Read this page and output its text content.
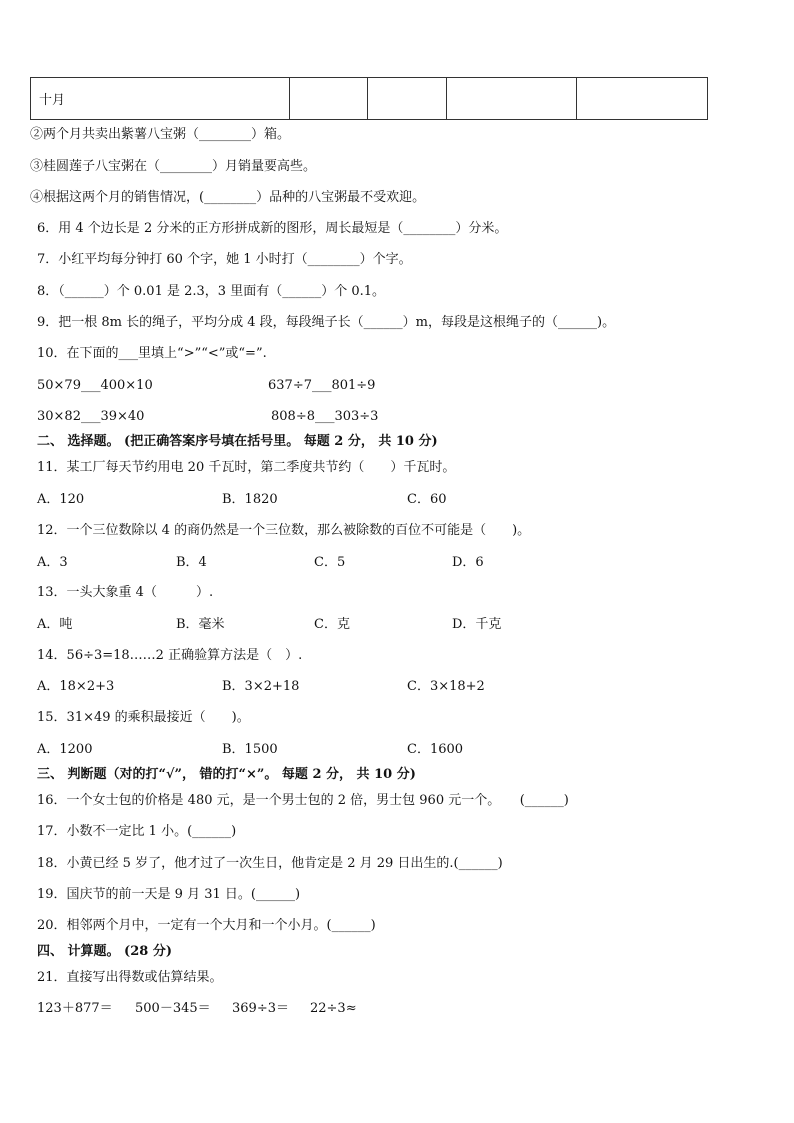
十月				
②两个月共卖出紫薯八宝粥（________）箱。
③桂圆莲子八宝粥在（________）月销量要高些。
④根据这两个月的销售情况，(________）品种的八宝粥最不受欢迎。
6．用 4 个边长是 2 分米的正方形拼成新的图形，周长最短是（________）分米。
7．小红平均每分钟打 60 个字，她 1 小时打（________）个字。
8．（______）个 0.01 是 2.3，3 里面有（______）个 0.1。
9．把一根 8m 长的绳子，平均分成 4 段，每段绳子长（______）m，每段是这根绳子的（______)。
10．在下面的___里填上“>”“<”或“=”.
50×79___400×10	637÷7___801÷9
30×82___39×40	808÷8___303÷3
二、 选择题。 (把正确答案序号填在括号里。 每题 2 分， 共 10 分)
11．某工厂每天节约用电 20 千瓦时，第二季度共节约（　　）千瓦时。
A．120	B．1820	C．60
12．一个三位数除以 4 的商仍然是一个三位数，那么被除数的百位不可能是（　　)。
A．3	B．4	C．5	D．6
13．一头大象重 4（　　　）.
A．吨	B．毫米	C．克	D．千克
14．56÷3=18……2 正确验算方法是（　）.
A．18×2+3	B．3×2+18	C．3×18+2
15．31×49 的乘积最接近（　　)。
A．1200	B．1500	C．1600
三、 判断题（对的打“√”， 错的打“×”。 每题 2 分， 共 10 分)
16．一个女士包的价格是 480 元，是一个男士包的 2 倍，男士包 960 元一个。　　(______)
17．小数不一定比 1 小。(______)
18．小黄已经 5 岁了，他才过了一次生日，他肯定是 2 月 29 日出生的.(______)
19．国庆节的前一天是 9 月 31 日。(______)
20．相邻两个月中，一定有一个大月和一个小月。(______)
四、 计算题。 (28 分)
21．直接写出得数或估算结果。
123＋877＝ 500－345＝ 369÷3＝ 22÷3≈
